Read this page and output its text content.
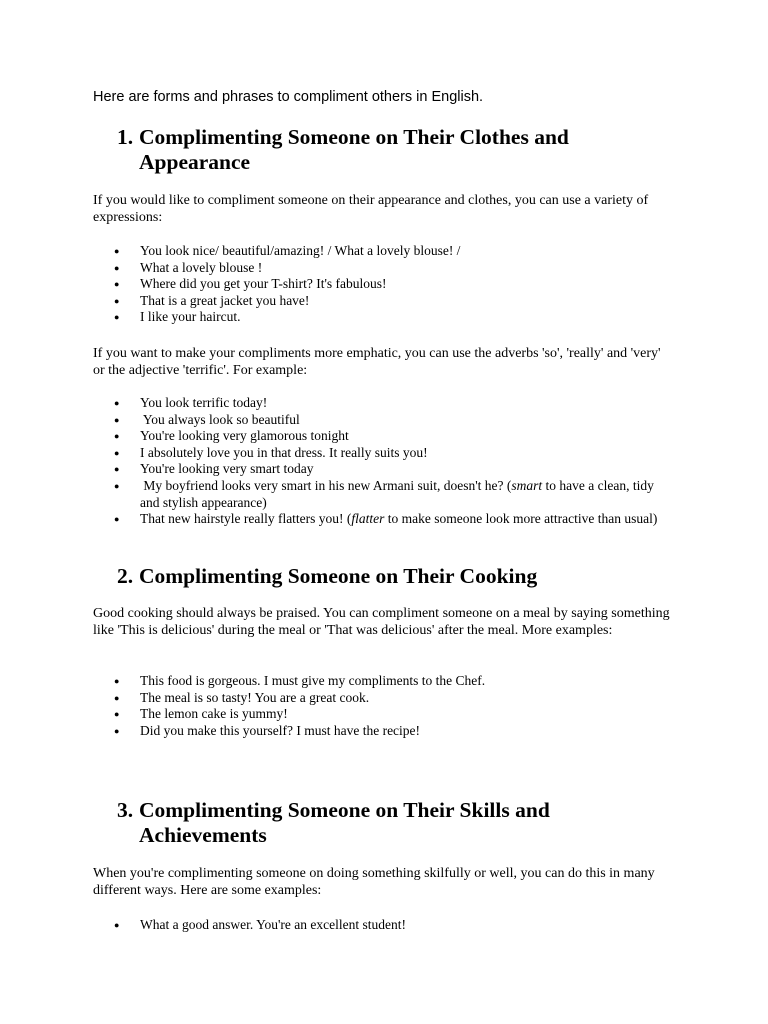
Here are forms and phrases to compliment others in English.

1. Complimenting Someone on Their Clothes and Appearance

If you would like to compliment someone on their appearance and clothes, you can use a variety of expressions:

● You look nice/ beautiful/amazing! / What a lovely blouse! /
● What a lovely blouse !
● Where did you get your T-shirt? It's fabulous!
● That is a great jacket you have!
● I like your haircut.

If you want to make your compliments more emphatic, you can use the adverbs 'so', 'really' and 'very' or the adjective 'terrific'. For example:

● You look terrific today!
● You always look so beautiful
● You're looking very glamorous tonight
● I absolutely love you in that dress. It really suits you!
● You're looking very smart today
● My boyfriend looks very smart in his new Armani suit, doesn't he? (smart to have a clean, tidy and stylish appearance)
● That new hairstyle really flatters you! (flatter to make someone look more attractive than usual)
2. Complimenting Someone on Their Cooking

Good cooking should always be praised. You can compliment someone on a meal by saying something like 'This is delicious' during the meal or 'That was delicious' after the meal. More examples:

● This food is gorgeous. I must give my compliments to the Chef.
● The meal is so tasty! You are a great cook.
● The lemon cake is yummy!
● Did you make this yourself? I must have the recipe!
3. Complimenting Someone on Their Skills and Achievements

When you're complimenting someone on doing something skilfully or well, you can do this in many different ways. Here are some examples:

● What a good answer. You're an excellent student!
